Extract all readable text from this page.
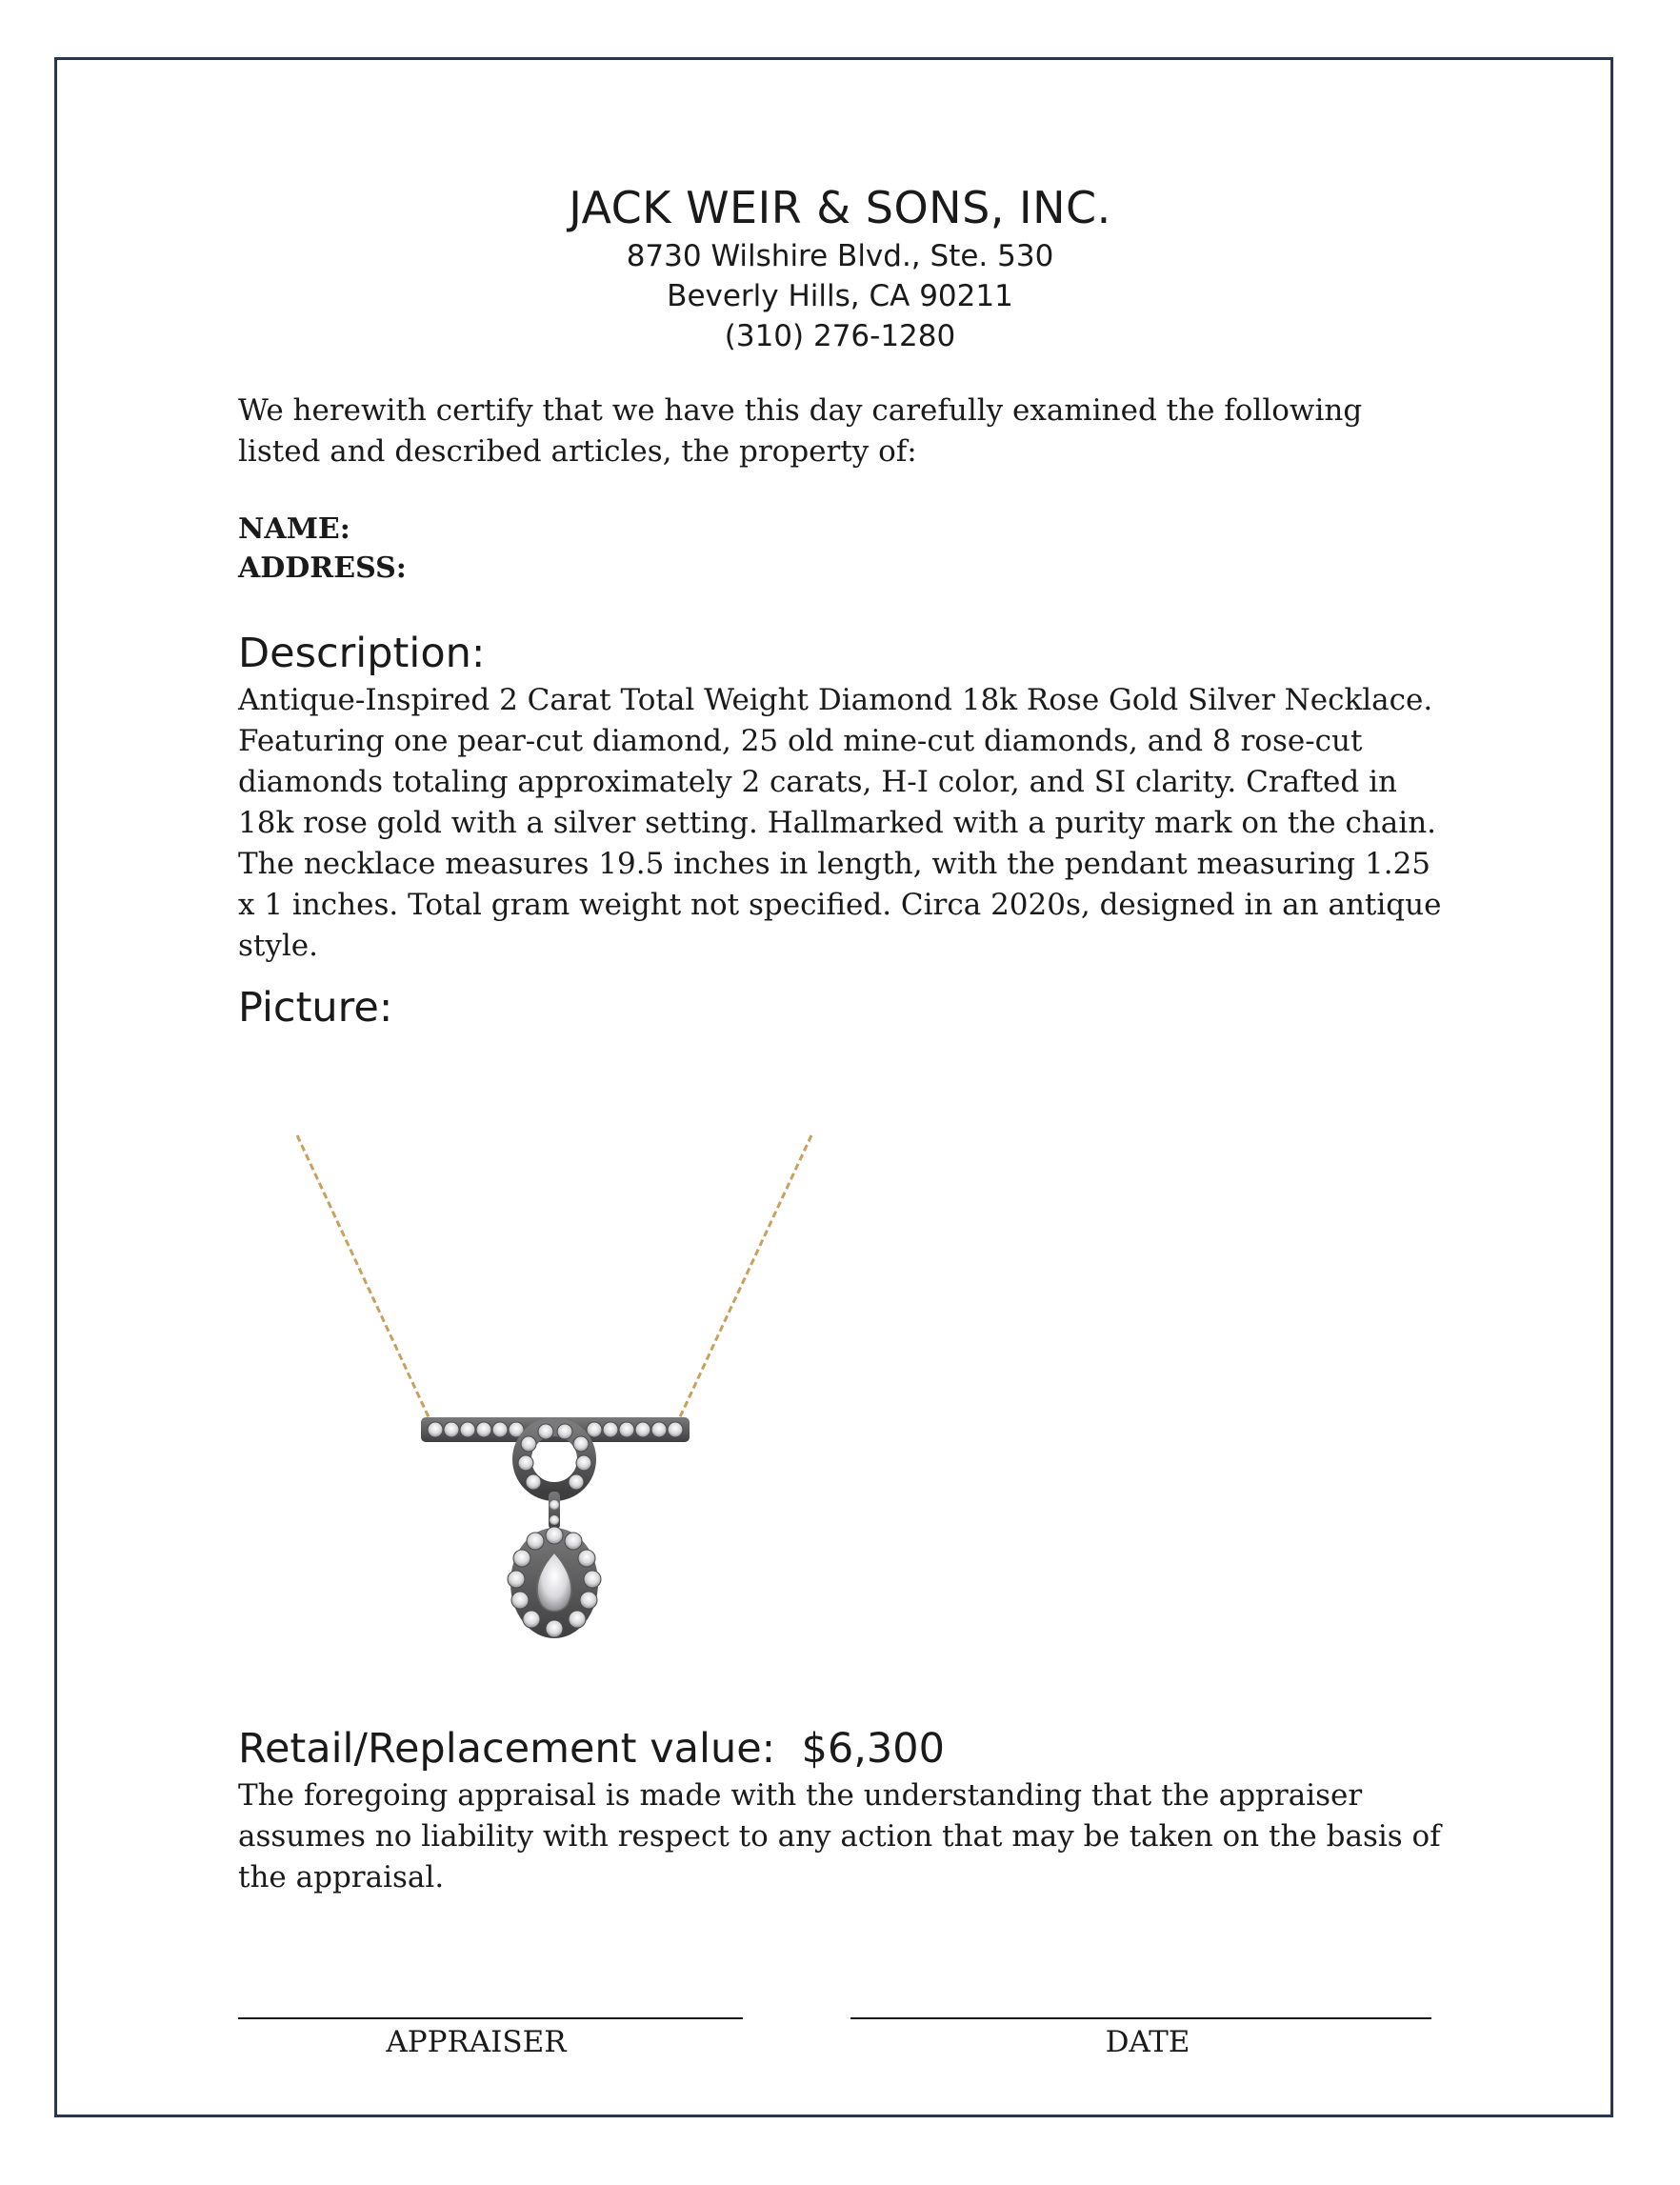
JACK WEIR & SONS, INC.

8730 Wilshire Blvd., Ste. 530

Beverly Hills, CA 90211

(310) 276-1280

We herewith certify that we have this day carefully examined the following listed and described articles, the property of:

NAME:

ADDRESS:

Description:

Antique-Inspired 2 Carat Total Weight Diamond 18k Rose Gold Silver Necklace. Featuring one pear-cut diamond, 25 old mine-cut diamonds, and 8 rose-cut diamonds totaling approximately 2 carats, H-I color, and SI clarity. Crafted in 18k rose gold with a silver setting. Hallmarked with a purity mark on the chain. The necklace measures 19.5 inches in length, with the pendant measuring 1.25 x 1 inches. Total gram weight not specified. Circa 2020s, designed in an antique style.

Picture:

Retail/Replacement value: $6,300

The foregoing appraisal is made with the understanding that the appraiser assumes no liability with respect to any action that may be taken on the basis of the appraisal.

APPRAISER	DATE
